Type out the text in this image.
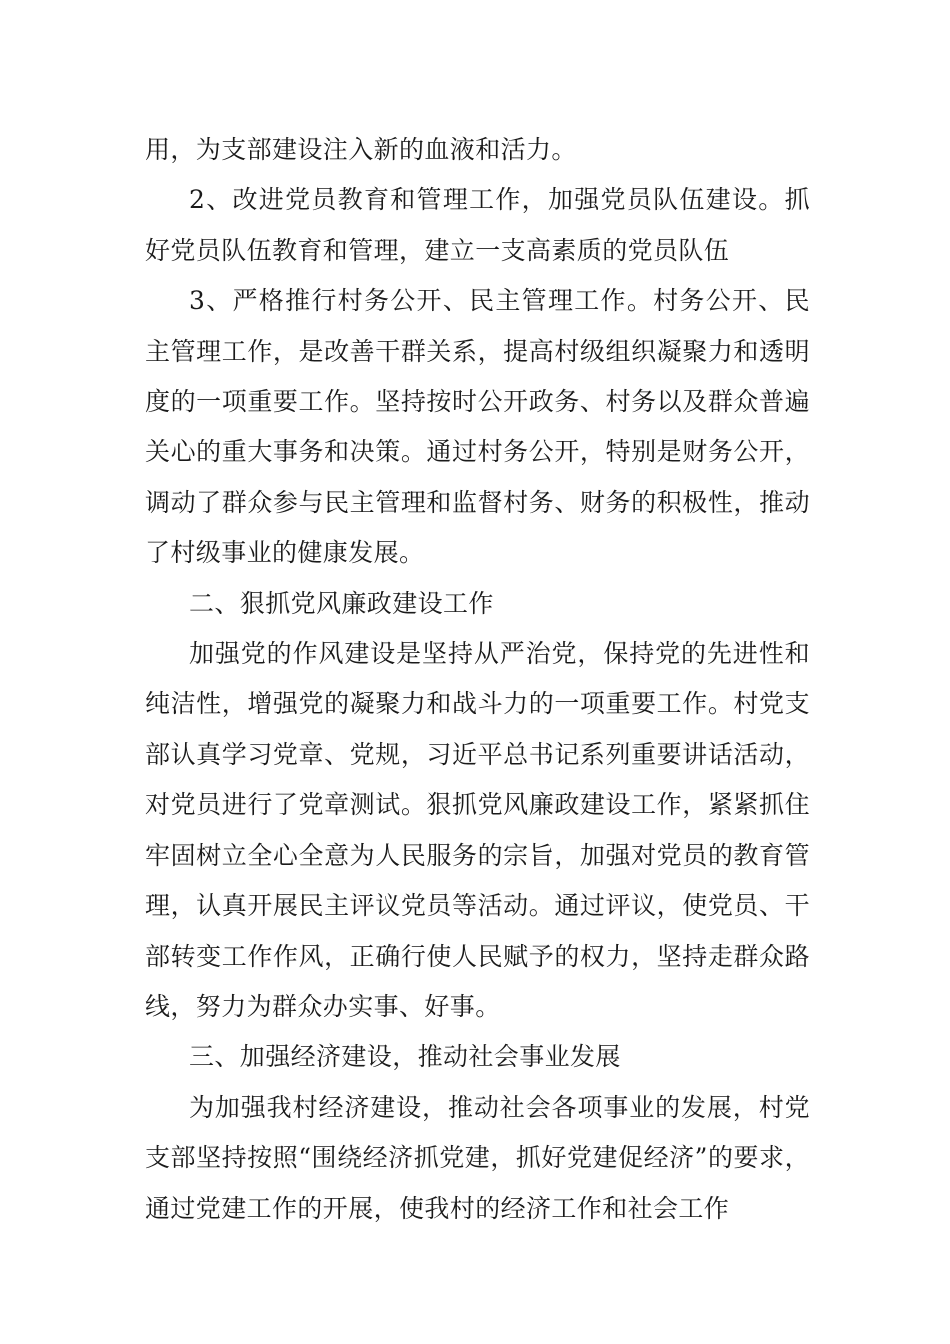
用，为支部建设注入新的血液和活力。

2、改进党员教育和管理工作，加强党员队伍建设。抓好党员队伍教育和管理，建立一支高素质的党员队伍

3、严格推行村务公开、民主管理工作。村务公开、民主管理工作，是改善干群关系，提高村级组织凝聚力和透明度的一项重要工作。坚持按时公开政务、村务以及群众普遍关心的重大事务和决策。通过村务公开，特别是财务公开，调动了群众参与民主管理和监督村务、财务的积极性，推动了村级事业的健康发展。

二、狠抓党风廉政建设工作

加强党的作风建设是坚持从严治党，保持党的先进性和纯洁性，增强党的凝聚力和战斗力的一项重要工作。村党支部认真学习党章、党规，习近平总书记系列重要讲话活动，对党员进行了党章测试。狠抓党风廉政建设工作，紧紧抓住牢固树立全心全意为人民服务的宗旨，加强对党员的教育管理，认真开展民主评议党员等活动。通过评议，使党员、干部转变工作作风，正确行使人民赋予的权力，坚持走群众路线，努力为群众办实事、好事。

三、加强经济建设，推动社会事业发展

为加强我村经济建设，推动社会各项事业的发展，村党支部坚持按照“围绕经济抓党建，抓好党建促经济”的要求，通过党建工作的开展，使我村的经济工作和社会工作
